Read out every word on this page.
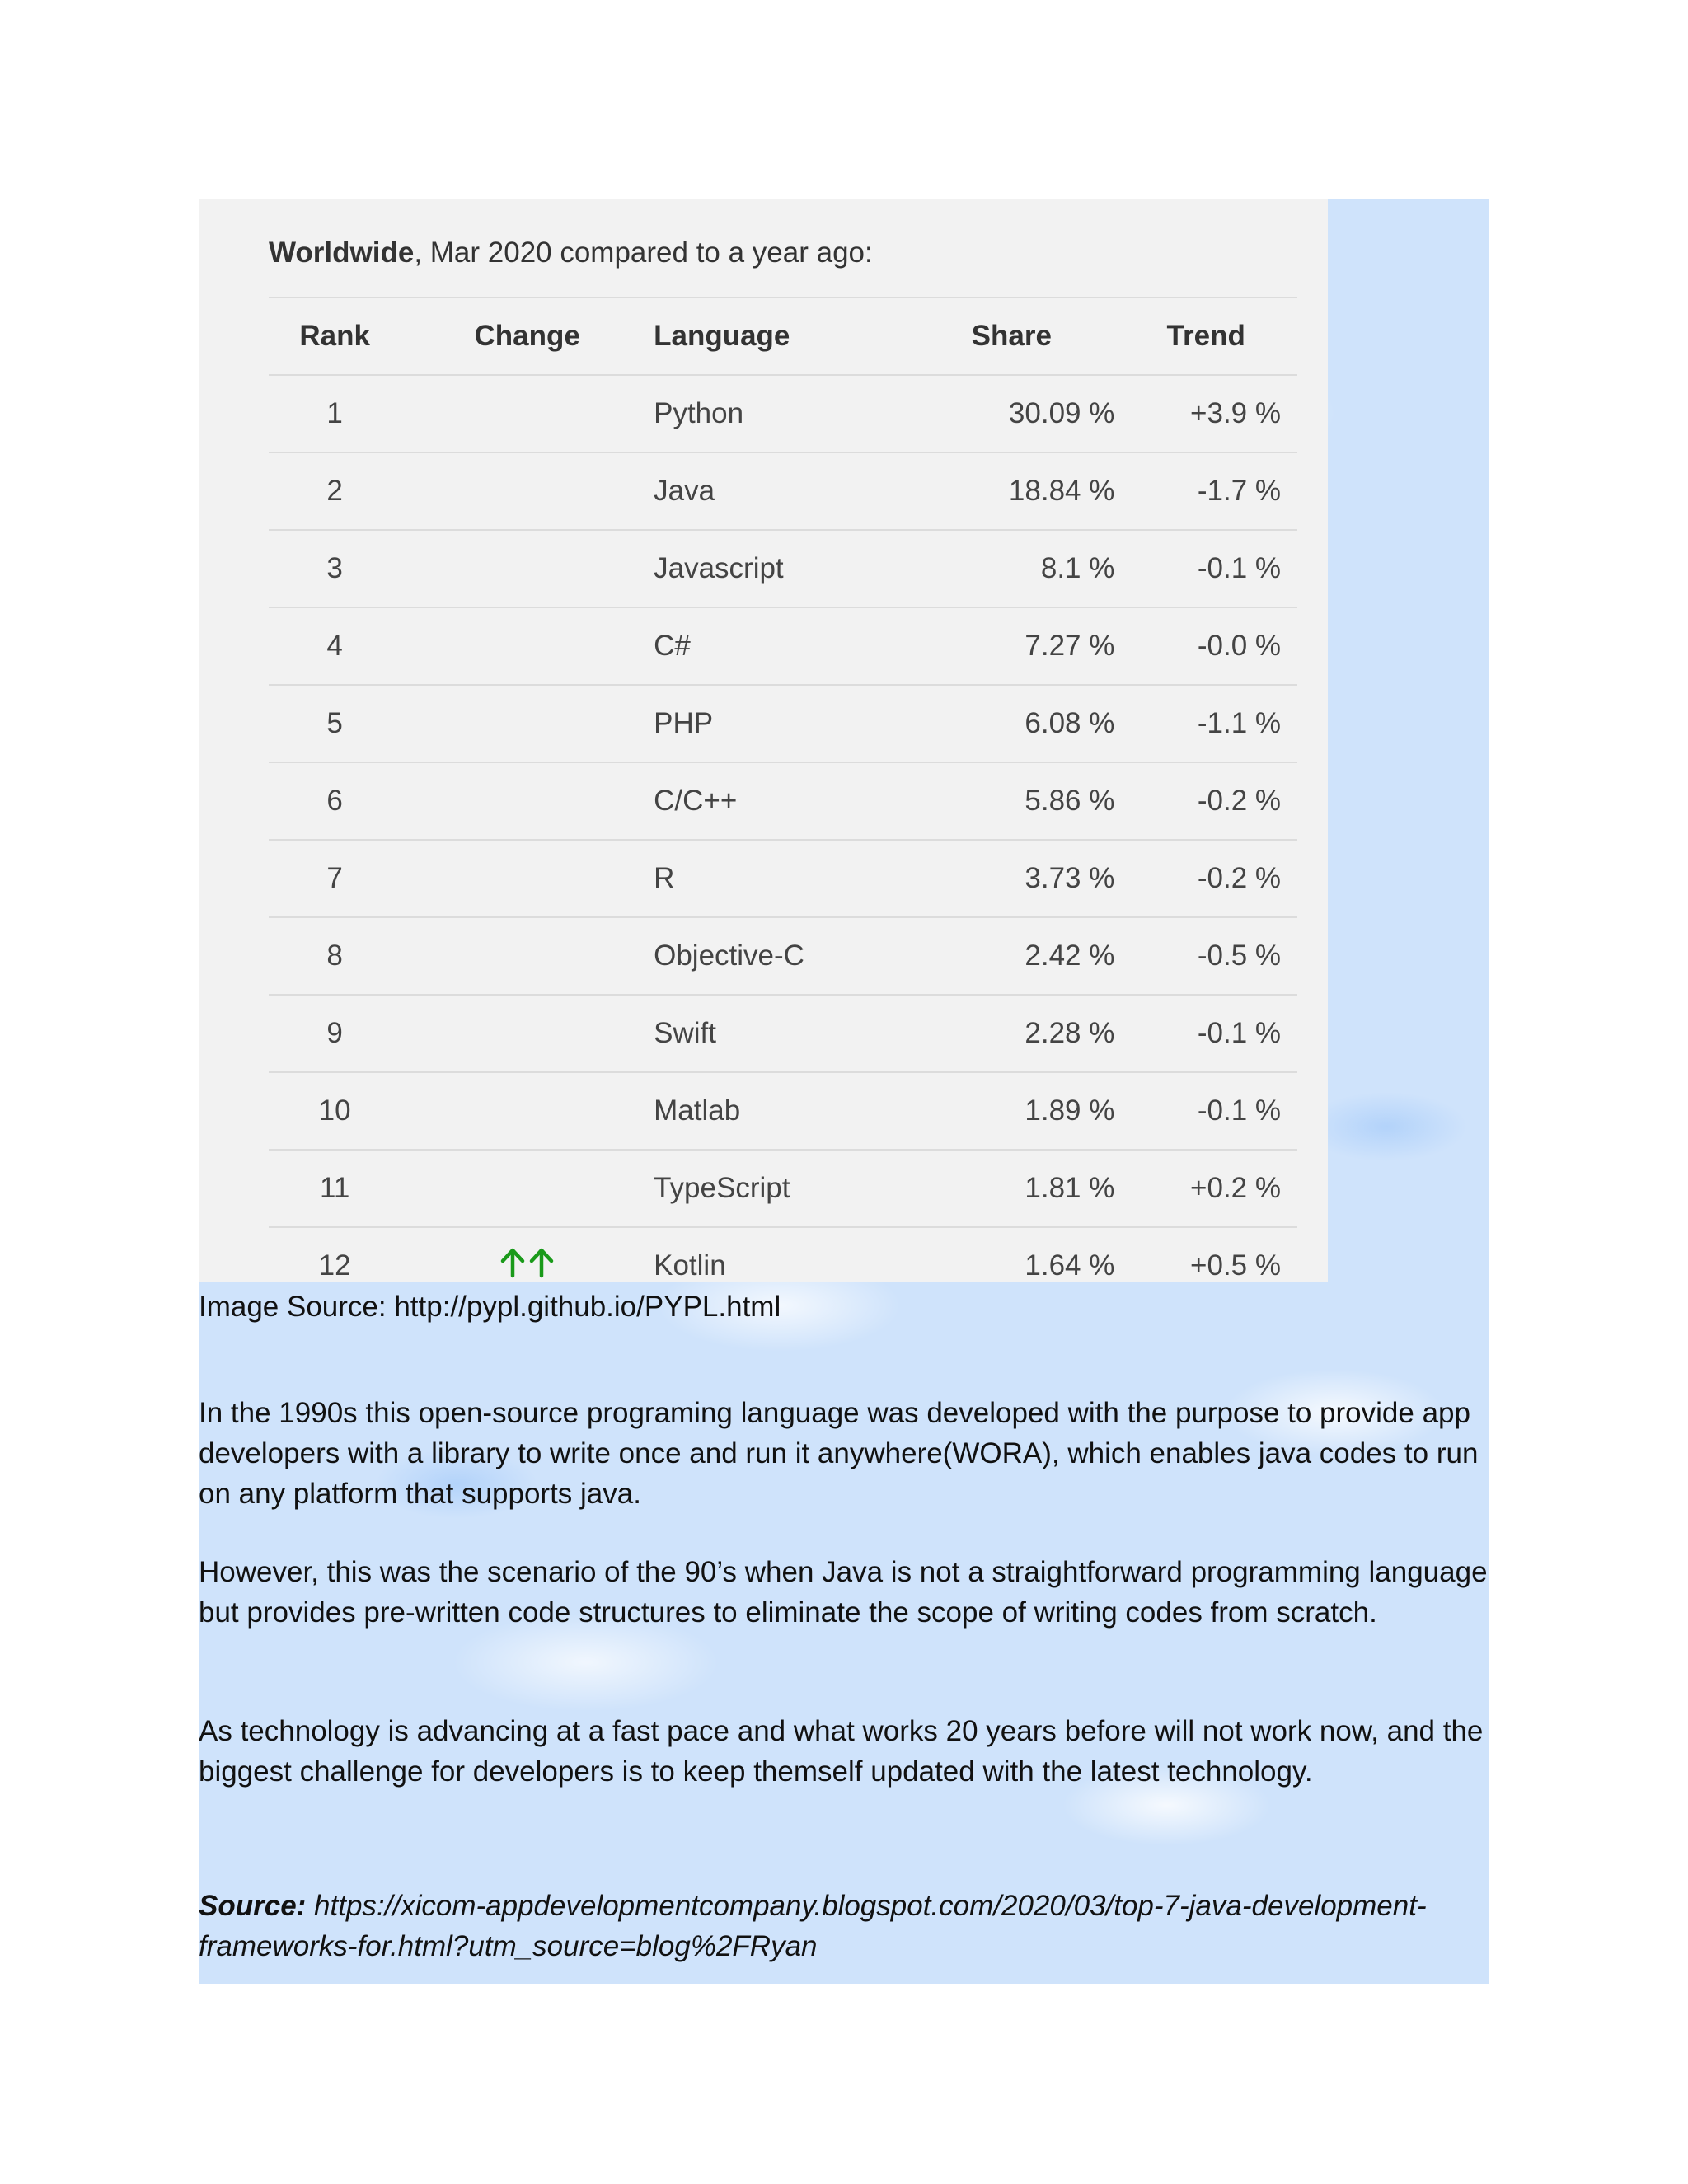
Worldwide, Mar 2020 compared to a year ago:
Rank	Change	Language	Share	Trend
1		Python	30.09 %	+3.9 %
2		Java	18.84 %	-1.7 %
3		Javascript	8.1 %	-0.1 %
4		C#	7.27 %	-0.0 %
5		PHP	6.08 %	-1.1 %
6		C/C++	5.86 %	-0.2 %
7		R	3.73 %	-0.2 %
8		Objective-C	2.42 %	-0.5 %
9		Swift	2.28 %	-0.1 %
10		Matlab	1.89 %	-0.1 %
11		TypeScript	1.81 %	+0.2 %
12		Kotlin	1.64 %	+0.5 %
Image Source: http://pypl.github.io/PYPL.html
In the 1990s this open-source programing language was developed with the purpose to provide app developers with a library to write once and run it anywhere(WORA), which enables java codes to run on any platform that supports java.
However, this was the scenario of the 90’s when Java is not a straightforward programming language but provides pre-written code structures to eliminate the scope of writing codes from scratch.
As technology is advancing at a fast pace and what works 20 years before will not work now, and the biggest challenge for developers is to keep themself updated with the latest technology.
Source: https://xicom-appdevelopmentcompany.blogspot.com/2020/03/top-7-java-development-frameworks-for.html?utm_source=blog%2FRyan
